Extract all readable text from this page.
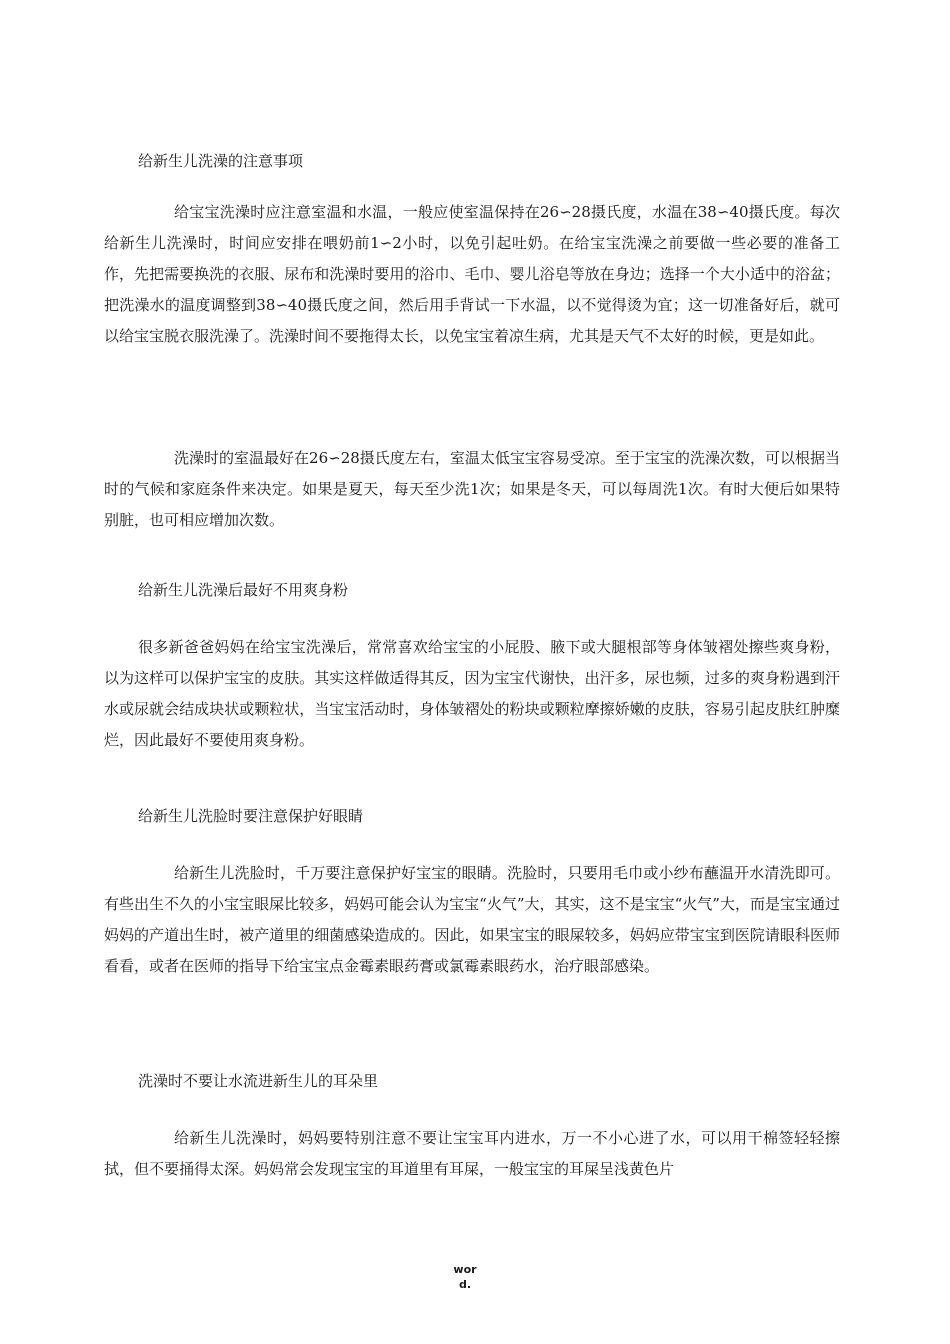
给新生儿洗澡的注意事项

给宝宝洗澡时应注意室温和水温，一般应使室温保持在26∽28摄氏度，水温在38∽40摄氏度。每次给新生儿洗澡时，时间应安排在喂奶前1∽2小时，以免引起吐奶。在给宝宝洗澡之前要做一些必要的准备工作，先把需要换洗的衣服、尿布和洗澡时要用的浴巾、毛巾、婴儿浴皂等放在身边；选择一个大小适中的浴盆；把洗澡水的温度调整到38∽40摄氏度之间，然后用手背试一下水温，以不觉得烫为宜；这一切准备好后，就可以给宝宝脱衣服洗澡了。洗澡时间不要拖得太长，以免宝宝着凉生病，尤其是天气不太好的时候，更是如此。

洗澡时的室温最好在26∽28摄氏度左右，室温太低宝宝容易受凉。至于宝宝的洗澡次数，可以根据当时的气候和家庭条件来决定。如果是夏天，每天至少洗1次；如果是冬天，可以每周洗1次。有时大便后如果特别脏，也可相应增加次数。

给新生儿洗澡后最好不用爽身粉

很多新爸爸妈妈在给宝宝洗澡后，常常喜欢给宝宝的小屁股、腋下或大腿根部等身体皱褶处擦些爽身粉，以为这样可以保护宝宝的皮肤。其实这样做适得其反，因为宝宝代谢快，出汗多，尿也频，过多的爽身粉遇到汗水或尿就会结成块状或颗粒状，当宝宝活动时，身体皱褶处的粉块或颗粒摩擦娇嫩的皮肤，容易引起皮肤红肿糜烂，因此最好不要使用爽身粉。

给新生儿洗脸时要注意保护好眼睛

给新生儿洗脸时，千万要注意保护好宝宝的眼睛。洗脸时，只要用毛巾或小纱布蘸温开水清洗即可。有些出生不久的小宝宝眼屎比较多，妈妈可能会认为宝宝“火气”大，其实，这不是宝宝“火气”大，而是宝宝通过妈妈的产道出生时，被产道里的细菌感染造成的。因此，如果宝宝的眼屎较多，妈妈应带宝宝到医院请眼科医师看看，或者在医师的指导下给宝宝点金霉素眼药膏或氯霉素眼药水，治疗眼部感染。

洗澡时不要让水流进新生儿的耳朵里

给新生儿洗澡时，妈妈要特别注意不要让宝宝耳内进水，万一不小心进了水，可以用干棉签轻轻擦拭，但不要捅得太深。妈妈常会发现宝宝的耳道里有耳屎，一般宝宝的耳屎呈浅黄色片

wor
d.
